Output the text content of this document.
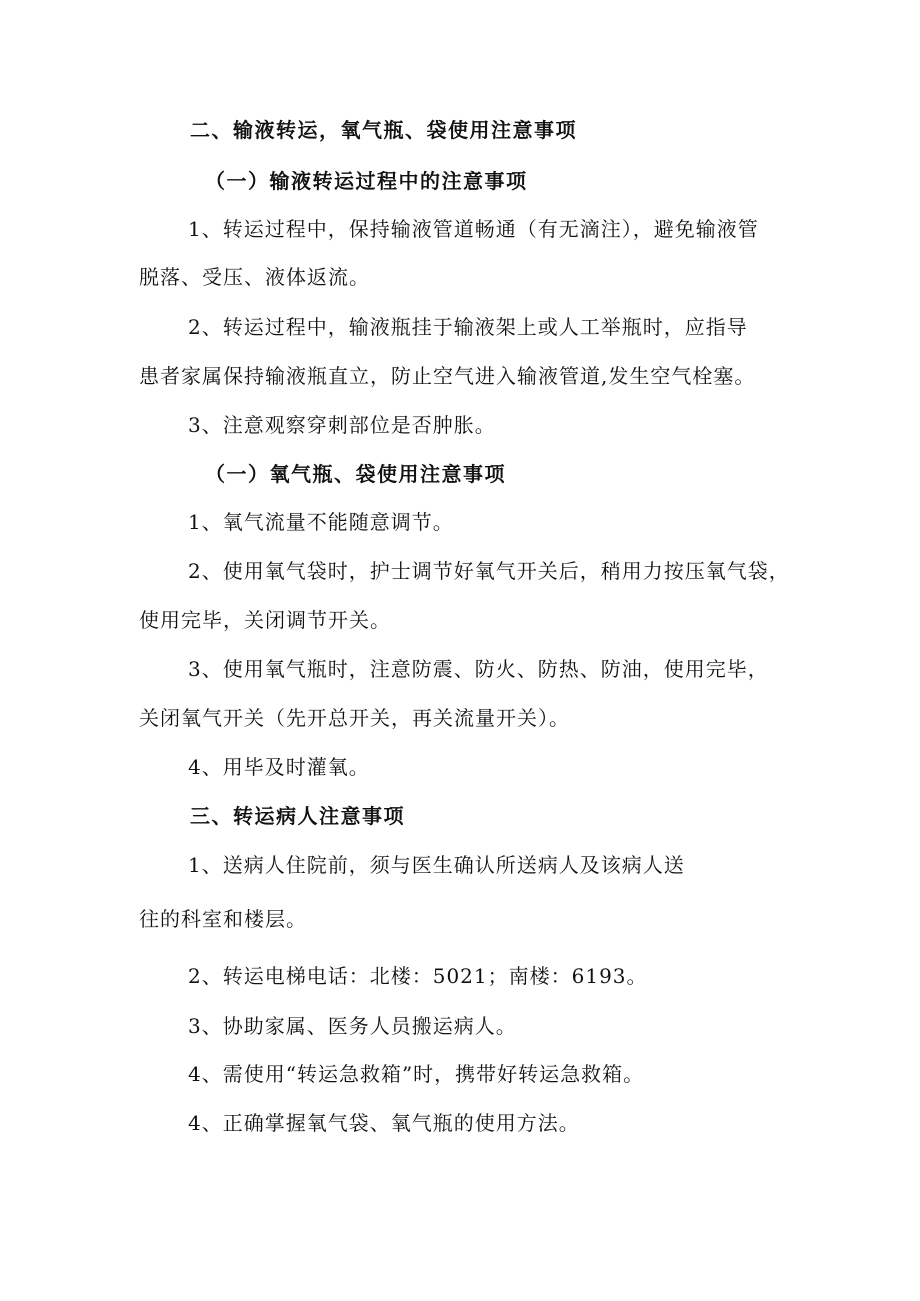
二、输液转运，氧气瓶、袋使用注意事项
（一）输液转运过程中的注意事项
1、转运过程中，保持输液管道畅通（有无滴注），避免输液管
脱落、受压、液体返流。
2、转运过程中，输液瓶挂于输液架上或人工举瓶时，应指导
患者家属保持输液瓶直立，防止空气进入输液管道,发生空气栓塞。
3、注意观察穿刺部位是否肿胀。
（一）氧气瓶、袋使用注意事项
1、氧气流量不能随意调节。
2、使用氧气袋时，护士调节好氧气开关后，稍用力按压氧气袋，
使用完毕，关闭调节开关。
3、使用氧气瓶时，注意防震、防火、防热、防油，使用完毕，
关闭氧气开关（先开总开关，再关流量开关）。
4、用毕及时灌氧。
三、转运病人注意事项
1、送病人住院前，须与医生确认所送病人及该病人送
往的科室和楼层。
2、转运电梯电话：北楼：5021；南楼：6193。
3、协助家属、医务人员搬运病人。
4、需使用“转运急救箱”时，携带好转运急救箱。
4、正确掌握氧气袋、氧气瓶的使用方法。
